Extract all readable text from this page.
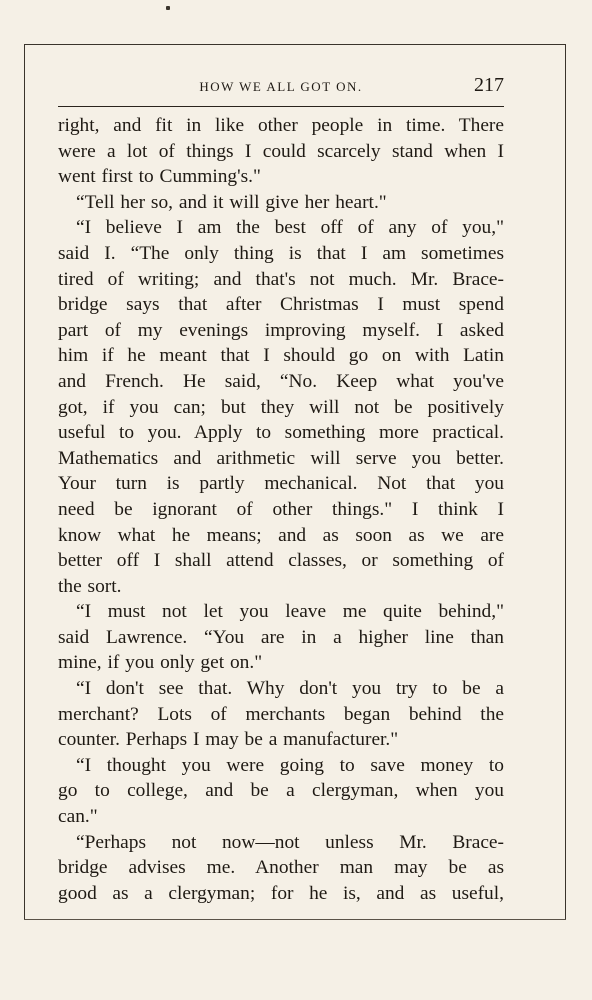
HOW WE ALL GOT ON.	217
right, and fit in like other people in time. There
were a lot of things I could scarcely stand when I
went first to Cumming's."
“Tell her so, and it will give her heart."
“I believe I am the best off of any of you,"
said I. “The only thing is that I am sometimes
tired of writing; and that's not much. Mr. Brace-
bridge says that after Christmas I must spend
part of my evenings improving myself. I asked
him if he meant that I should go on with Latin
and French. He said, “No. Keep what you've
got, if you can; but they will not be positively
useful to you. Apply to something more practical.
Mathematics and arithmetic will serve you better.
Your turn is partly mechanical. Not that you
need be ignorant of other things." I think I
know what he means; and as soon as we are
better off I shall attend classes, or something of
the sort.
“I must not let you leave me quite behind,"
said Lawrence. “You are in a higher line than
mine, if you only get on."
“I don't see that. Why don't you try to be a
merchant? Lots of merchants began behind the
counter. Perhaps I may be a manufacturer."
“I thought you were going to save money to
go to college, and be a clergyman, when you
can."
“Perhaps not now—not unless Mr. Brace-
bridge advises me. Another man may be as
good as a clergyman; for he is, and as useful,
